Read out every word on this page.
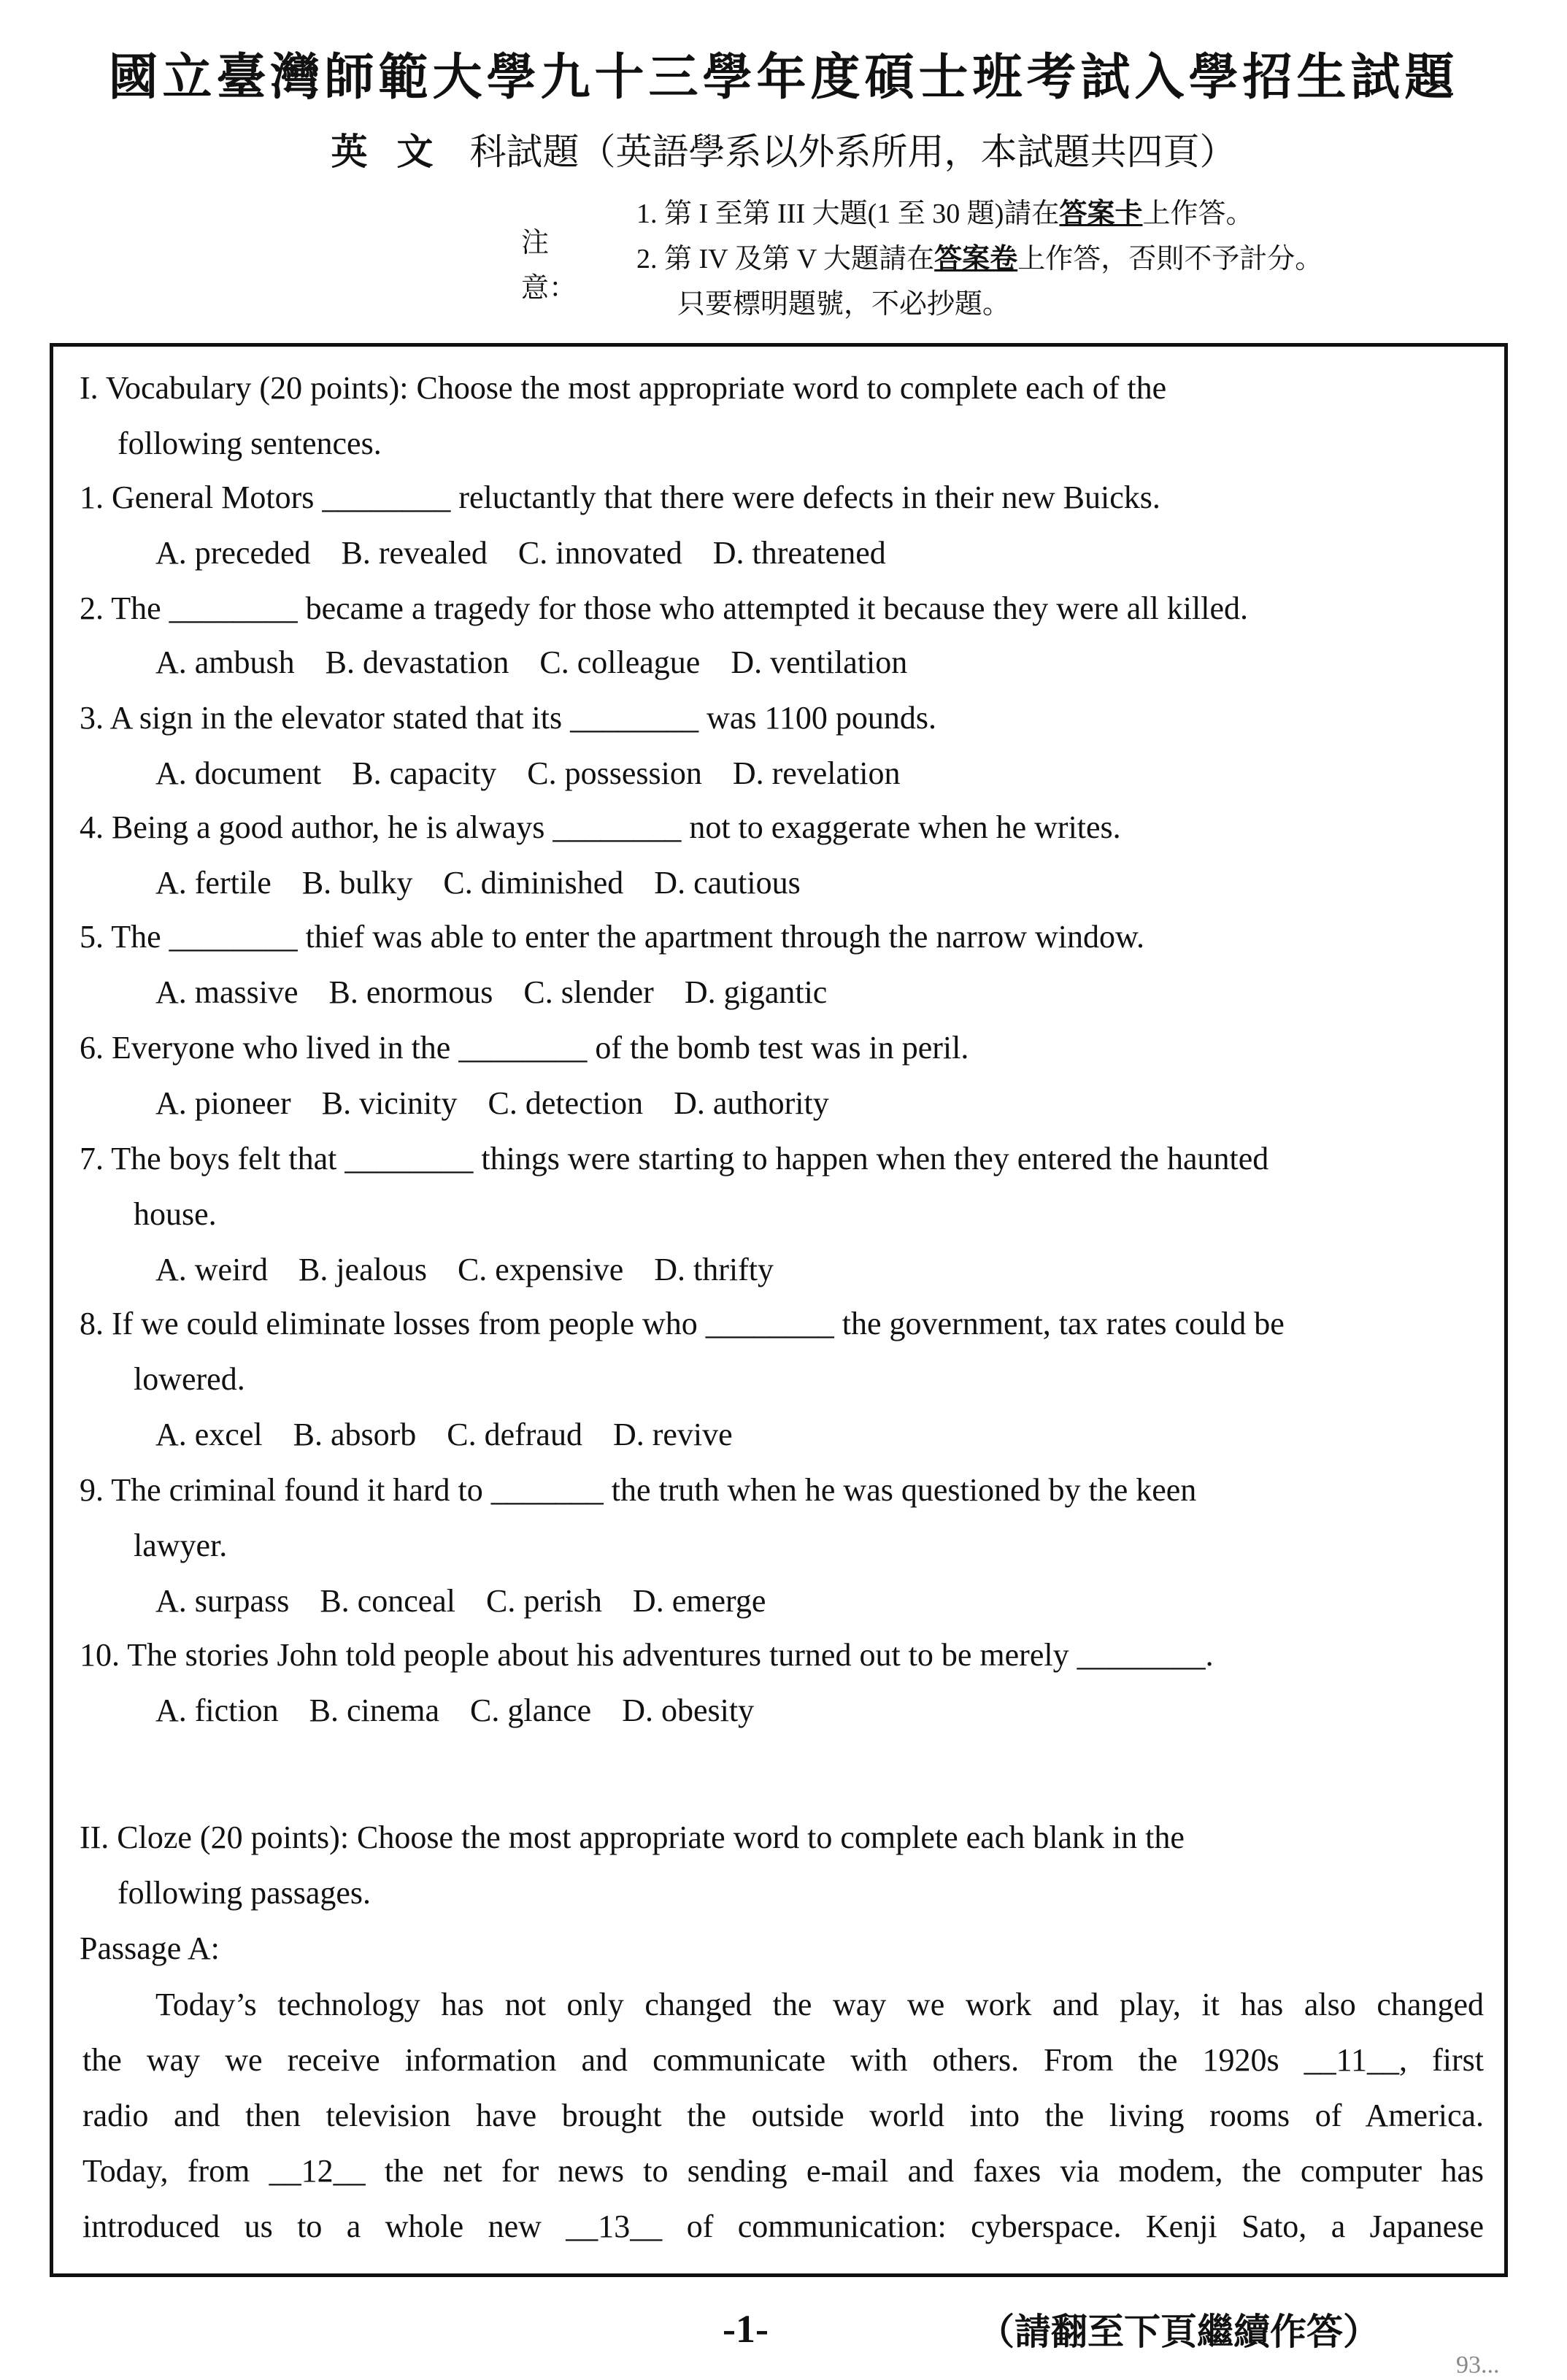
國立臺灣師範大學九十三學年度碩士班考試入學招生試題
英文 科試題（英語學系以外系所用，本試題共四頁）
注意：
1. 第 I 至第 III 大題(1 至 30 題)請在答案卡上作答。
2. 第 IV 及第 V 大題請在答案卷上作答，否則不予計分。
只要標明題號，不必抄題。
I. Vocabulary (20 points): Choose the most appropriate word to complete each of the
following sentences.
1. General Motors ________ reluctantly that there were defects in their new Buicks.
A. preceded B. revealed C. innovated D. threatened
2. The ________ became a tragedy for those who attempted it because they were all killed.
A. ambush B. devastation C. colleague D. ventilation
3. A sign in the elevator stated that its ________ was 1100 pounds.
A. document B. capacity C. possession D. revelation
4. Being a good author, he is always ________ not to exaggerate when he writes.
A. fertile B. bulky C. diminished D. cautious
5. The ________ thief was able to enter the apartment through the narrow window.
A. massive B. enormous C. slender D. gigantic
6. Everyone who lived in the ________ of the bomb test was in peril.
A. pioneer B. vicinity C. detection D. authority
7. The boys felt that ________ things were starting to happen when they entered the haunted
house.
A. weird B. jealous C. expensive D. thrifty
8. If we could eliminate losses from people who ________ the government, tax rates could be
lowered.
A. excel B. absorb C. defraud D. revive
9. The criminal found it hard to _______ the truth when he was questioned by the keen
lawyer.
A. surpass B. conceal C. perish D. emerge
10. The stories John told people about his adventures turned out to be merely ________.
A. fiction B. cinema C. glance D. obesity
II. Cloze (20 points): Choose the most appropriate word to complete each blank in the
following passages.
Passage A:
Today’s technology has not only changed the way we work and play, it has also changed
the way we receive information and communicate with others. From the 1920s __11__, first
radio and then television have brought the outside world into the living rooms of America.
Today, from __12__ the net for news to sending e-mail and faxes via modem, the computer has
introduced us to a whole new __13__ of communication: cyberspace. Kenji Sato, a Japanese
-1-	（請翻至下頁繼續作答）
93...
